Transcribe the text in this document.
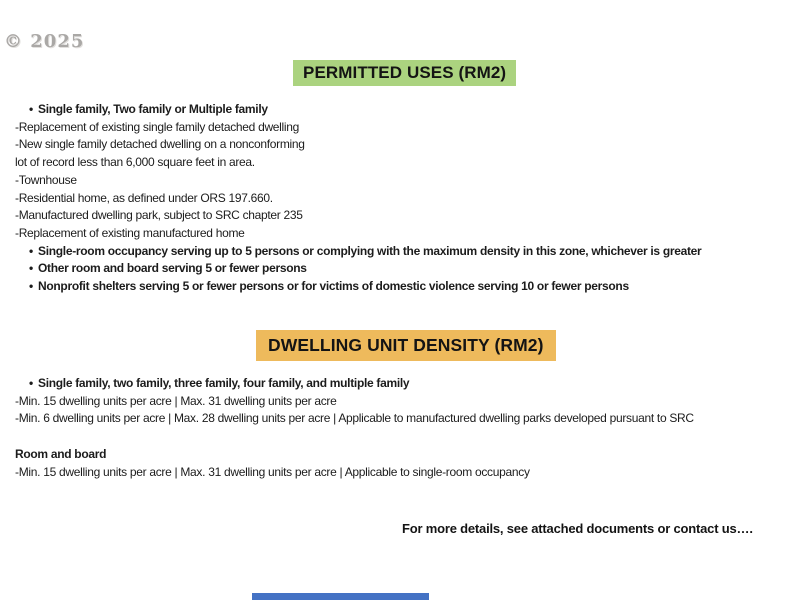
© 2025
PERMITTED USES (RM2)
• Single family, Two family or Multiple family
-Replacement of existing single family detached dwelling
-New single family detached dwelling on a nonconforming
lot of record less than 6,000 square feet in area.
-Townhouse
-Residential home, as defined under ORS 197.660.
-Manufactured dwelling park, subject to SRC chapter 235
-Replacement of existing manufactured home
• Single-room occupancy serving up to 5 persons or complying with the maximum density in this zone, whichever is greater
• Other room and board serving 5 or fewer persons
• Nonprofit shelters serving 5 or fewer persons or for victims of domestic violence serving 10 or fewer persons
DWELLING UNIT DENSITY (RM2)
• Single family, two family, three family, four family, and multiple family
-Min. 15 dwelling units per acre | Max. 31 dwelling units per acre
-Min. 6 dwelling units per acre | Max. 28 dwelling units per acre | Applicable to manufactured dwelling parks developed pursuant to SRC
Room and board
-Min. 15 dwelling units per acre | Max. 31 dwelling units per acre | Applicable to single-room occupancy
For more details, see attached documents or contact us….
